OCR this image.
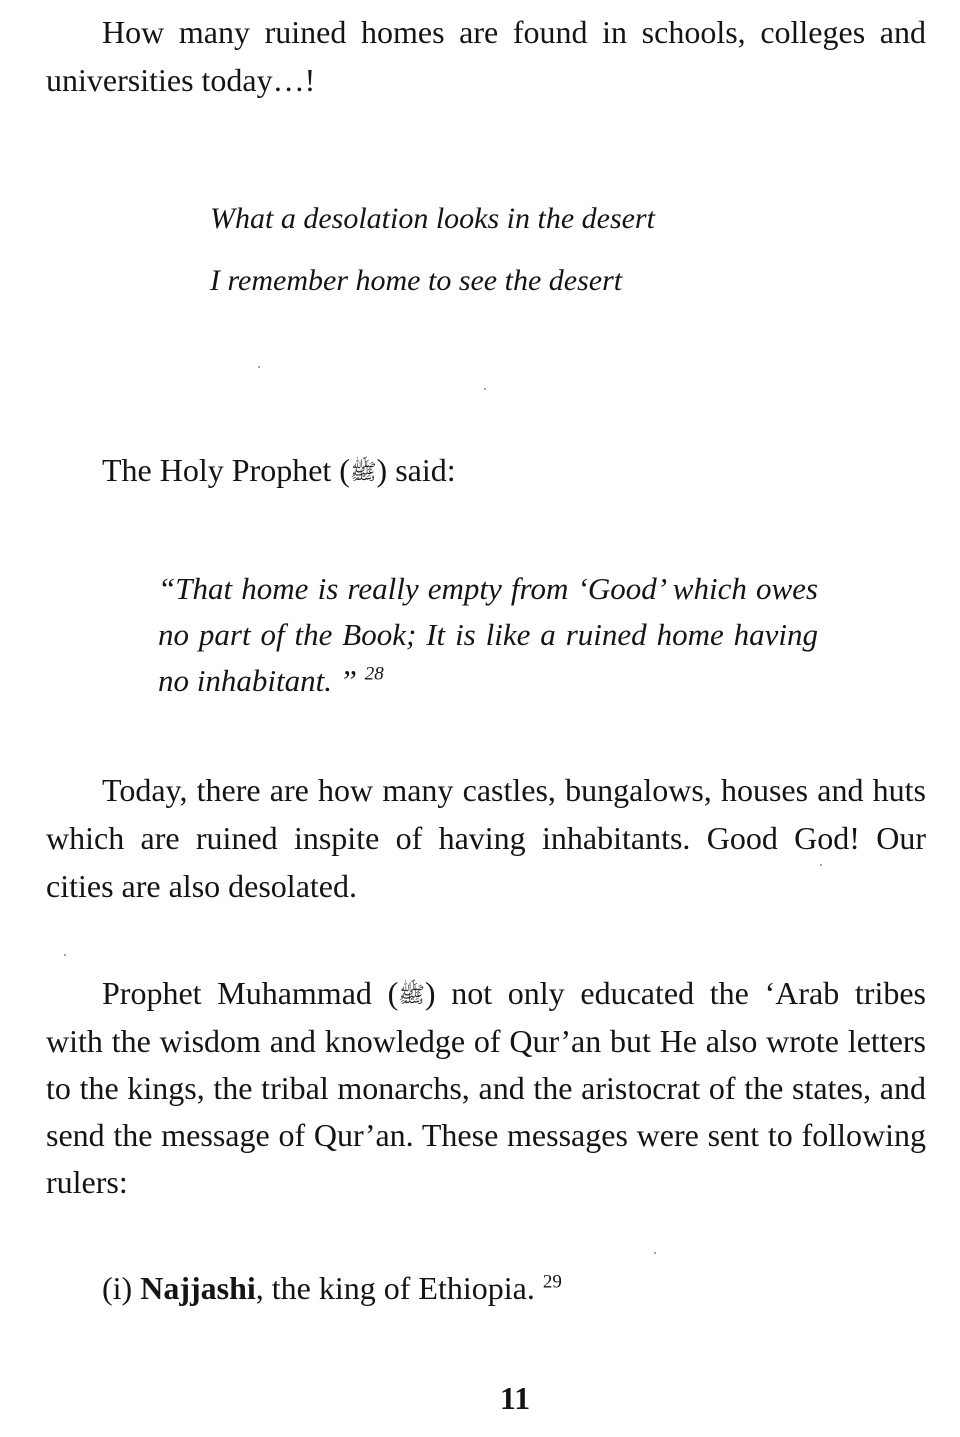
How many ruined homes are found in schools, colleges and universities today…!

What a desolation looks in the desert
I remember home to see the desert

The Holy Prophet (ﷺ) said:

“That home is really empty from ‘Good’ which owes no part of the Book; It is like a ruined home having no inhabitant. ” $^{28}$

Today, there are how many castles, bungalows, houses and huts which are ruined inspite of having inhabitants. Good God! Our cities are also desolated.

Prophet Muhammad (ﷺ) not only educated the ‘Arab tribes with the wisdom and knowledge of Qur’an but He also wrote letters to the kings, the tribal monarchs, and the aristocrat of the states, and send the message of Qur’an. These messages were sent to following rulers:

(i) Najjashi, the king of Ethiopia. $^{29}$

11
